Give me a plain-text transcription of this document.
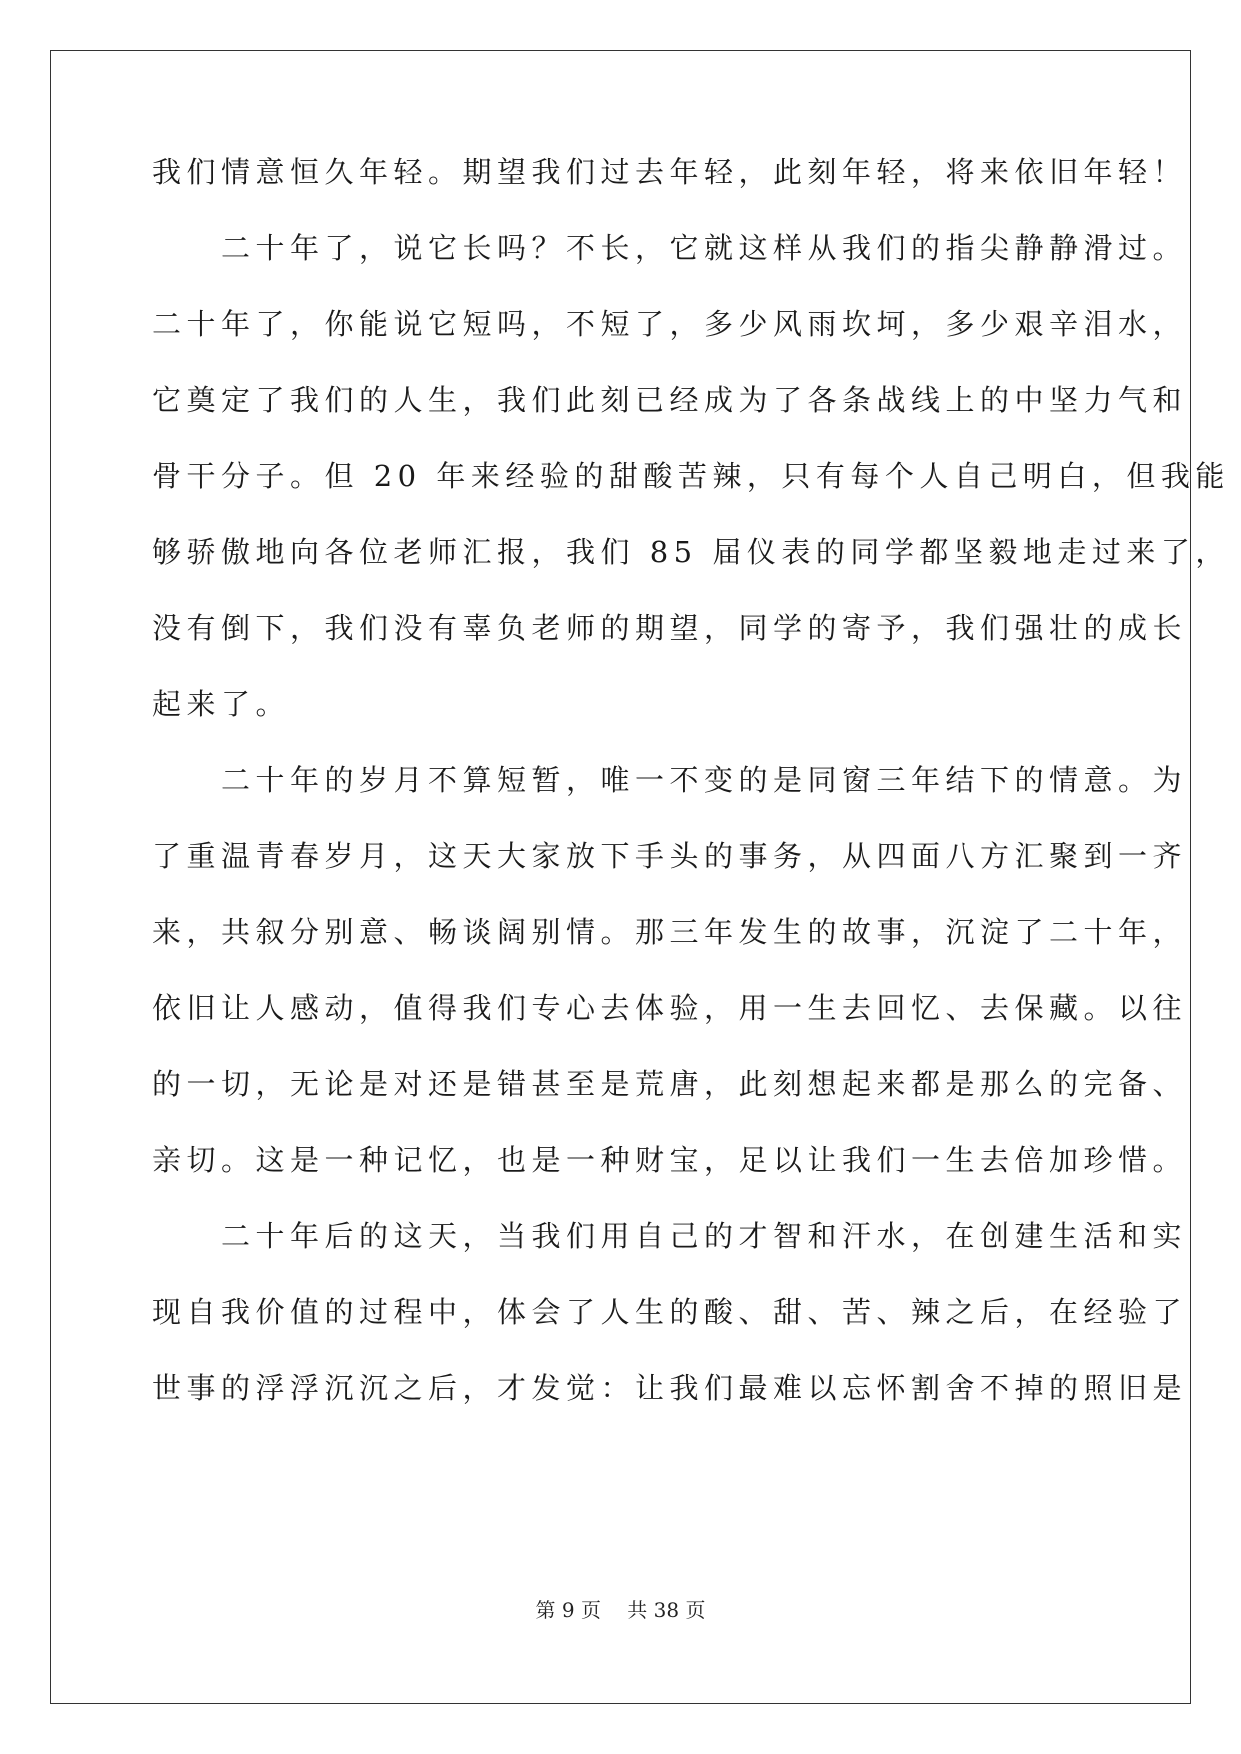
我们情意恒久年轻。期望我们过去年轻，此刻年轻，将来依旧年轻！

　　二十年了，说它长吗？不长，它就这样从我们的指尖静静滑过。

二十年了，你能说它短吗，不短了，多少风雨坎坷，多少艰辛泪水，

它奠定了我们的人生，我们此刻已经成为了各条战线上的中坚力气和

骨干分子。但 20 年来经验的甜酸苦辣，只有每个人自己明白，但我能

够骄傲地向各位老师汇报，我们 85 届仪表的同学都坚毅地走过来了，

没有倒下，我们没有辜负老师的期望，同学的寄予，我们强壮的成长

起来了。

　　二十年的岁月不算短暂，唯一不变的是同窗三年结下的情意。为

了重温青春岁月，这天大家放下手头的事务，从四面八方汇聚到一齐

来，共叙分别意、畅谈阔别情。那三年发生的故事，沉淀了二十年，

依旧让人感动，值得我们专心去体验，用一生去回忆、去保藏。以往

的一切，无论是对还是错甚至是荒唐，此刻想起来都是那么的完备、

亲切。这是一种记忆，也是一种财宝，足以让我们一生去倍加珍惜。

　　二十年后的这天，当我们用自己的才智和汗水，在创建生活和实

现自我价值的过程中，体会了人生的酸、甜、苦、辣之后，在经验了

世事的浮浮沉沉之后，才发觉：让我们最难以忘怀割舍不掉的照旧是

第 9 页　 共 38 页
